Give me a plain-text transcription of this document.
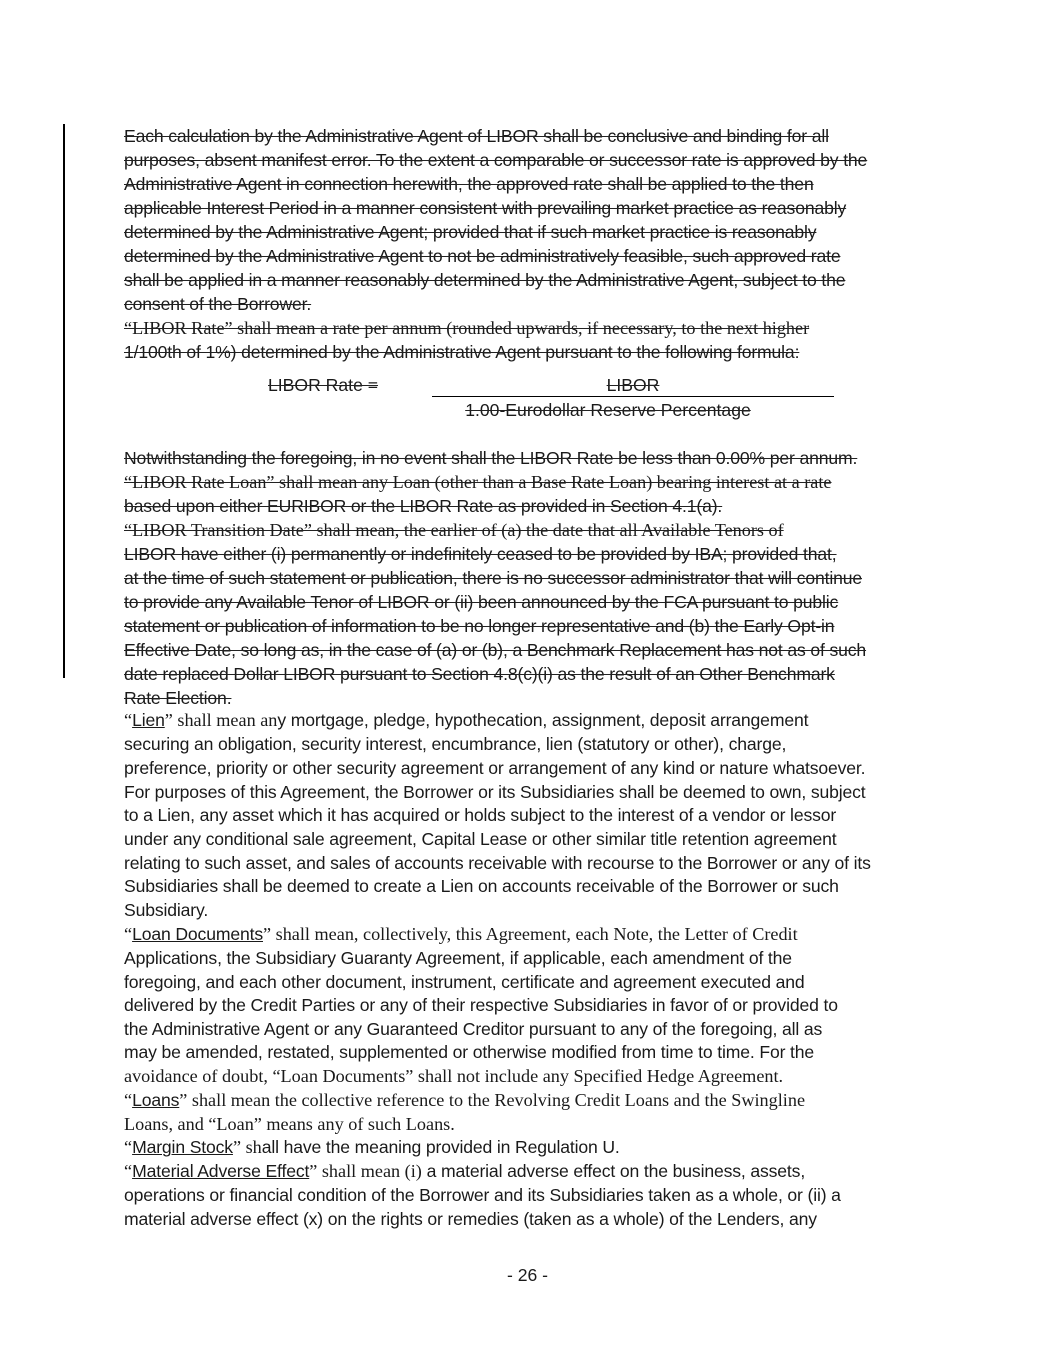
Each calculation by the Administrative Agent of LIBOR shall be conclusive and binding for all
purposes, absent manifest error. To the extent a comparable or successor rate is approved by the
Administrative Agent in connection herewith, the approved rate shall be applied to the then
applicable Interest Period in a manner consistent with prevailing market practice as reasonably
determined by the Administrative Agent; provided that if such market practice is reasonably
determined by the Administrative Agent to not be administratively feasible, such approved rate
shall be applied in a manner reasonably determined by the Administrative Agent, subject to the
consent of the Borrower.
“LIBOR Rate” shall mean a rate per annum (rounded upwards, if necessary, to the next higher
1/100th of 1%) determined by the Administrative Agent pursuant to the following formula:
LIBOR Rate =	LIBOR
1.00-Eurodollar Reserve Percentage
Notwithstanding the foregoing, in no event shall the LIBOR Rate be less than 0.00% per annum.
“LIBOR Rate Loan” shall mean any Loan (other than a Base Rate Loan) bearing interest at a rate
based upon either EURIBOR or the LIBOR Rate as provided in Section 4.1(a).
“LIBOR Transition Date” shall mean, the earlier of (a) the date that all Available Tenors of
LIBOR have either (i) permanently or indefinitely ceased to be provided by IBA; provided that,
at the time of such statement or publication, there is no successor administrator that will continue
to provide any Available Tenor of LIBOR or (ii) been announced by the FCA pursuant to public
statement or publication of information to be no longer representative and (b) the Early Opt-in
Effective Date, so long as, in the case of (a) or (b), a Benchmark Replacement has not as of such
date replaced Dollar LIBOR pursuant to Section 4.8(c)(i) as the result of an Other Benchmark
Rate Election.
“Lien” shall mean any mortgage, pledge, hypothecation, assignment, deposit arrangement
securing an obligation, security interest, encumbrance, lien (statutory or other), charge,
preference, priority or other security agreement or arrangement of any kind or nature whatsoever.
For purposes of this Agreement, the Borrower or its Subsidiaries shall be deemed to own, subject
to a Lien, any asset which it has acquired or holds subject to the interest of a vendor or lessor
under any conditional sale agreement, Capital Lease or other similar title retention agreement
relating to such asset, and sales of accounts receivable with recourse to the Borrower or any of its
Subsidiaries shall be deemed to create a Lien on accounts receivable of the Borrower or such
Subsidiary.
“Loan Documents” shall mean, collectively, this Agreement, each Note, the Letter of Credit
Applications, the Subsidiary Guaranty Agreement, if applicable, each amendment of the
foregoing, and each other document, instrument, certificate and agreement executed and
delivered by the Credit Parties or any of their respective Subsidiaries in favor of or provided to
the Administrative Agent or any Guaranteed Creditor pursuant to any of the foregoing, all as
may be amended, restated, supplemented or otherwise modified from time to time. For the
avoidance of doubt, “Loan Documents” shall not include any Specified Hedge Agreement.
“Loans” shall mean the collective reference to the Revolving Credit Loans and the Swingline
Loans, and “Loan” means any of such Loans.
“Margin Stock” shall have the meaning provided in Regulation U.
“Material Adverse Effect” shall mean (i) a material adverse effect on the business, assets,
operations or financial condition of the Borrower and its Subsidiaries taken as a whole, or (ii) a
material adverse effect (x) on the rights or remedies (taken as a whole) of the Lenders, any
- 26 -
